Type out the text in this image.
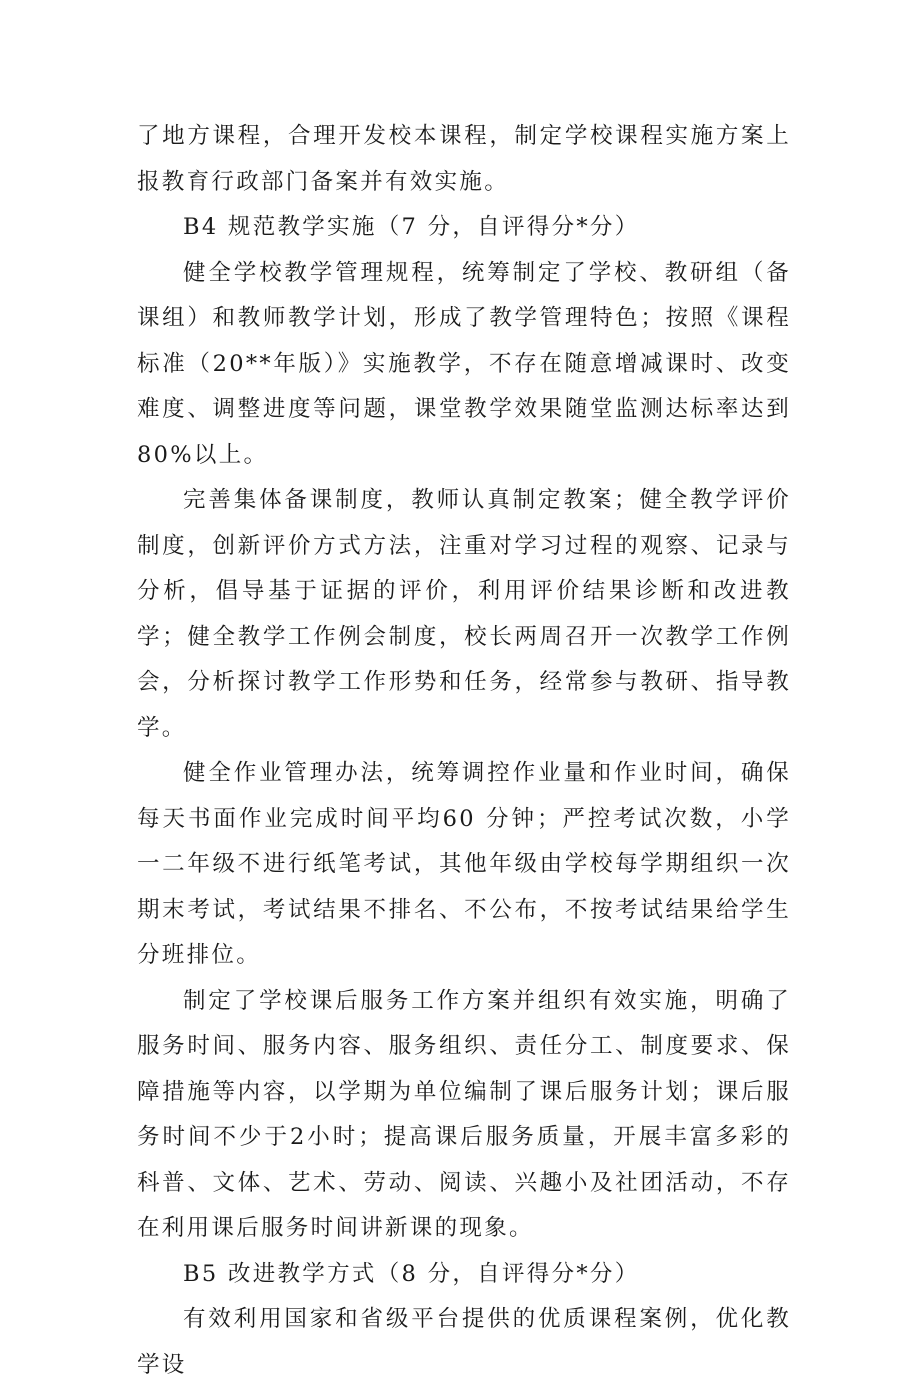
了地方课程，合理开发校本课程，制定学校课程实施方案上报教育行政部门备案并有效实施。

B4 规范教学实施（7 分，自评得分*分）

健全学校教学管理规程，统筹制定了学校、教研组（备课组）和教师教学计划，形成了教学管理特色；按照《课程标准（20**年版）》实施教学，不存在随意增减课时、改变难度、调整进度等问题，课堂教学效果随堂监测达标率达到80%以上。

完善集体备课制度，教师认真制定教案；健全教学评价制度，创新评价方式方法，注重对学习过程的观察、记录与分析，倡导基于证据的评价，利用评价结果诊断和改进教学；健全教学工作例会制度，校长两周召开一次教学工作例会，分析探讨教学工作形势和任务，经常参与教研、指导教学。

健全作业管理办法，统筹调控作业量和作业时间，确保每天书面作业完成时间平均60 分钟；严控考试次数，小学一二年级不进行纸笔考试，其他年级由学校每学期组织一次期末考试，考试结果不排名、不公布，不按考试结果给学生分班排位。

制定了学校课后服务工作方案并组织有效实施，明确了服务时间、服务内容、服务组织、责任分工、制度要求、保障措施等内容，以学期为单位编制了课后服务计划；课后服务时间不少于2小时；提高课后服务质量，开展丰富多彩的科普、文体、艺术、劳动、阅读、兴趣小及社团活动，不存在利用课后服务时间讲新课的现象。

B5 改进教学方式（8 分，自评得分*分）

有效利用国家和省级平台提供的优质课程案例，优化教学设
